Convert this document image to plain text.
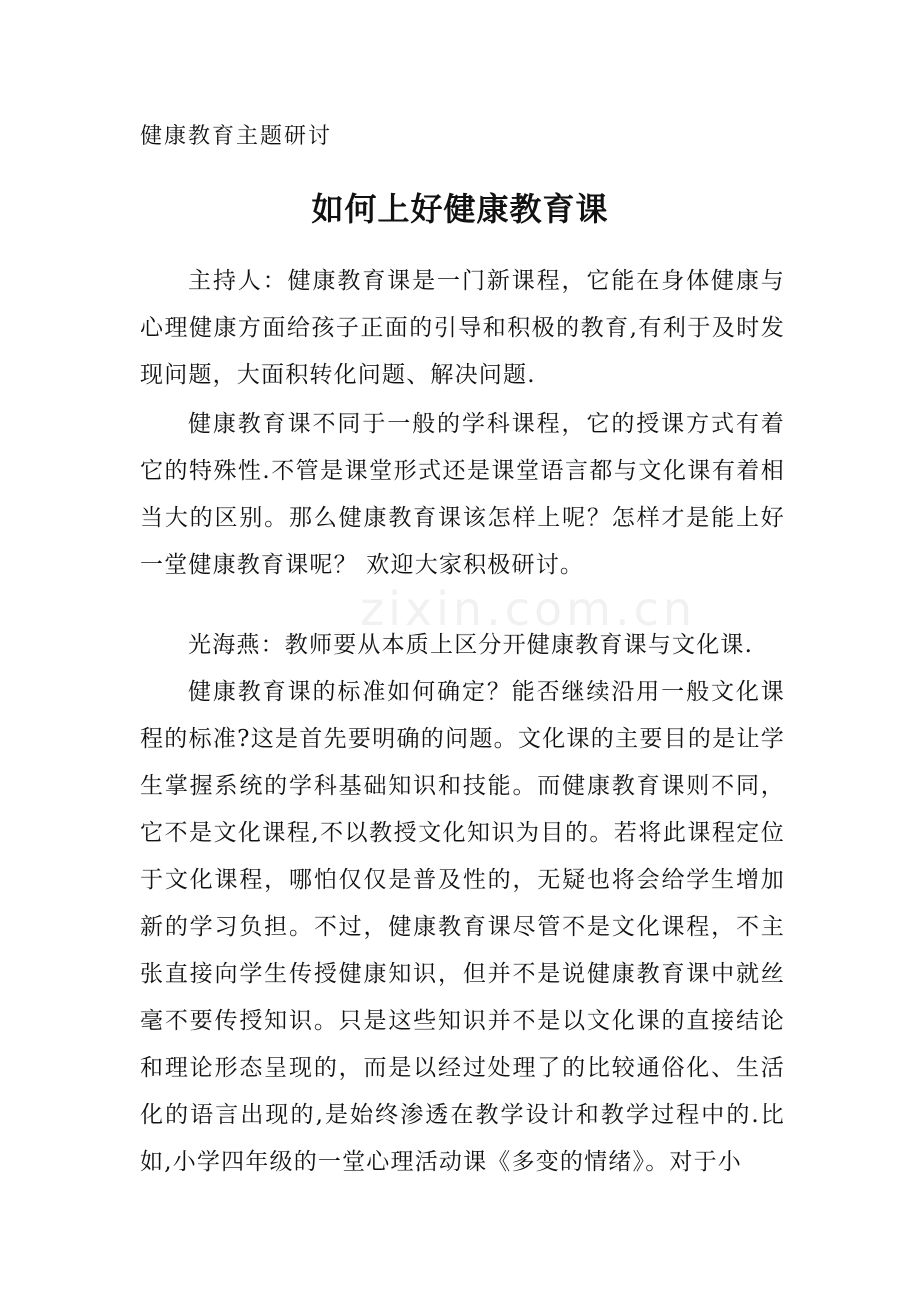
zixin.com.cn
健康教育主题研讨
如何上好健康教育课

主持人：健康教育课是一门新课程，它能在身体健康与心理健康方面给孩子正面的引导和积极的教育,有利于及时发现问题，大面积转化问题、解决问题.

健康教育课不同于一般的学科课程，它的授课方式有着它的特殊性.不管是课堂形式还是课堂语言都与文化课有着相当大的区别。那么健康教育课该怎样上呢？怎样才是能上好一堂健康教育课呢？ 欢迎大家积极研讨。

光海燕：教师要从本质上区分开健康教育课与文化课.

健康教育课的标准如何确定？能否继续沿用一般文化课程的标准?这是首先要明确的问题。文化课的主要目的是让学生掌握系统的学科基础知识和技能。而健康教育课则不同，它不是文化课程,不以教授文化知识为目的。若将此课程定位于文化课程，哪怕仅仅是普及性的，无疑也将会给学生增加新的学习负担。不过，健康教育课尽管不是文化课程，不主张直接向学生传授健康知识，但并不是说健康教育课中就丝毫不要传授知识。只是这些知识并不是以文化课的直接结论和理论形态呈现的，而是以经过处理了的比较通俗化、生活化的语言出现的,是始终渗透在教学设计和教学过程中的.比如,小学四年级的一堂心理活动课《多变的情绪》。对于小
